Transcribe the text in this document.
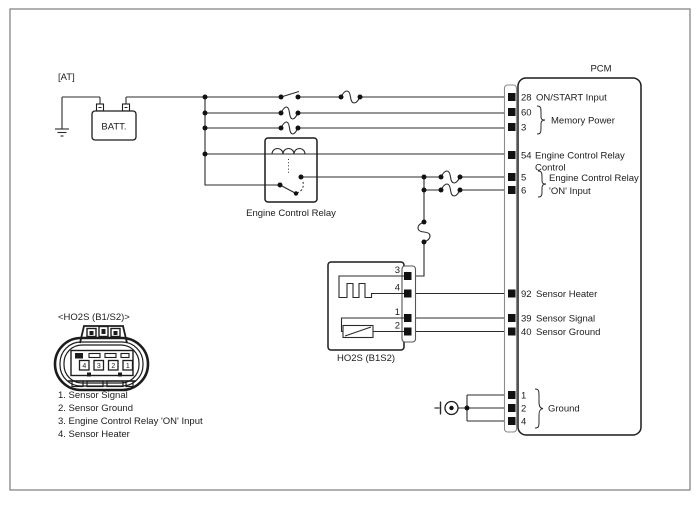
BATT.
Engine Control Relay
3
4
1
2
HO2S (B1S2)
PCM
28 ON/START Input
60
3
Memory Power
54 Engine Control Relay
Control
5
6
Engine Control Relay
'ON' Input
92 Sensor Heater
39 Sensor Signal
40 Sensor Ground
1
2
4
Ground
[AT]
<HO2S (B1/S2)>
4 3 2 1
1. Sensor Signal
2. Sensor Ground
3. Engine Control Relay 'ON' Input
4. Sensor Heater
